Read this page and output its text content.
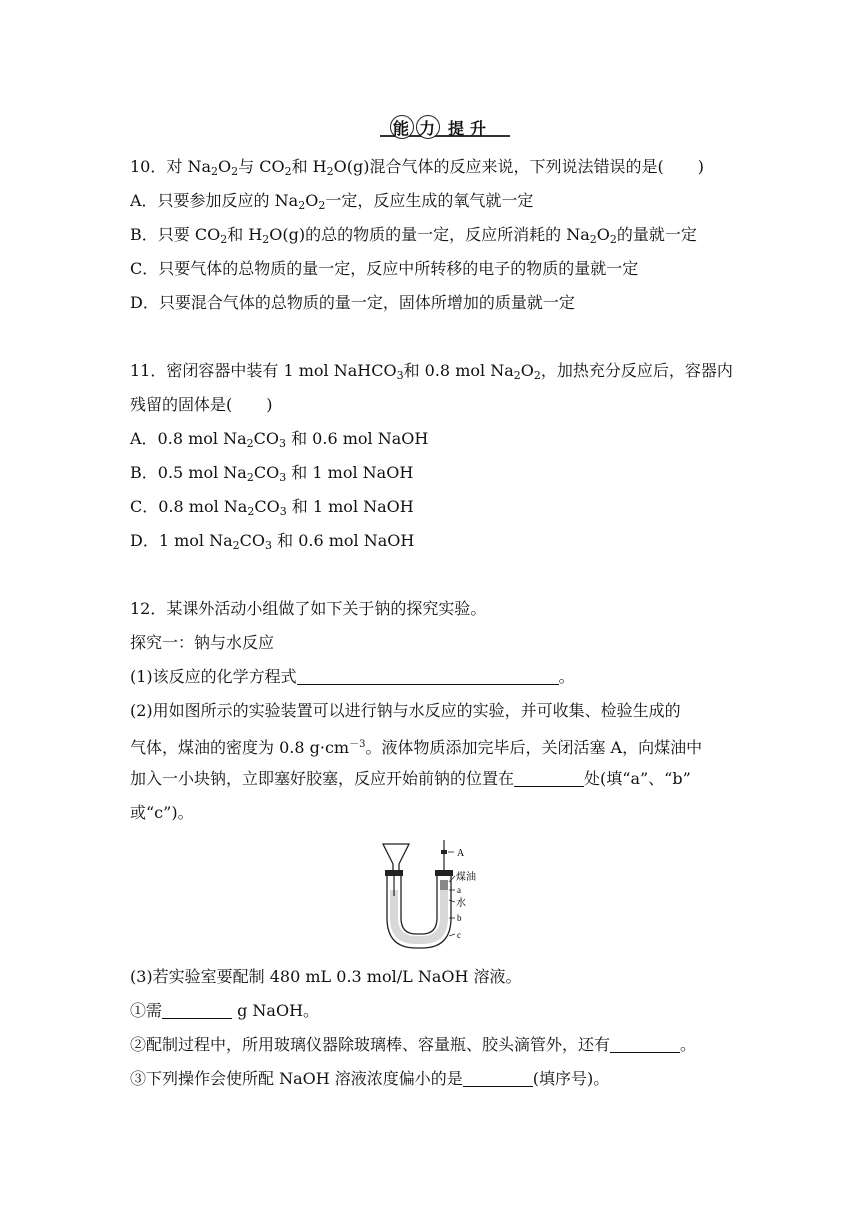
能 力 提 升
10．对 $Na_2O_2$与 $CO_2$和 $H_2O(g)$混合气体的反应来说，下列说法错误的是( )
A．只要参加反应的 $Na_2O_2$一定，反应生成的氧气就一定
B．只要 $CO_2$和 $H_2O(g)$的总的物质的量一定，反应所消耗的 $Na_2O_2$的量就一定
C．只要气体的总物质的量一定，反应中所转移的电子的物质的量就一定
D．只要混合气体的总物质的量一定，固体所增加的质量就一定
11．密闭容器中装有 1 mol NaHCO$_3$和 0.8 mol $Na_2O_2$，加热充分反应后，容器内
残留的固体是( )
A．0.8 mol $Na_2CO_3$ 和 0.6 mol NaOH
B．0.5 mol $Na_2CO_3$ 和 1 mol NaOH
C．0.8 mol $Na_2CO_3$ 和 1 mol NaOH
D．1 mol $Na_2CO_3$ 和 0.6 mol NaOH
12．某课外活动小组做了如下关于钠的探究实验。
探究一：钠与水反应
(1)该反应的化学方程式	。
(2)用如图所示的实验装置可以进行钠与水反应的实验，并可收集、检验生成的
气体，煤油的密度为 0.8 $g\cdot cm^{-3}$。液体物质添加完毕后，关闭活塞 A，向煤油中
加入一小块钠，立即塞好胶塞，反应开始前钠的位置在	处(填“a”、“b”
或“c”)。
A
煤油
a
水
b
c
(3)若实验室要配制 480 mL 0.3 mol/L NaOH 溶液。
①需	g NaOH。
②配制过程中，所用玻璃仪器除玻璃棒、容量瓶、胶头滴管外，还有	。
③下列操作会使所配 NaOH 溶液浓度偏小的是	(填序号)。
